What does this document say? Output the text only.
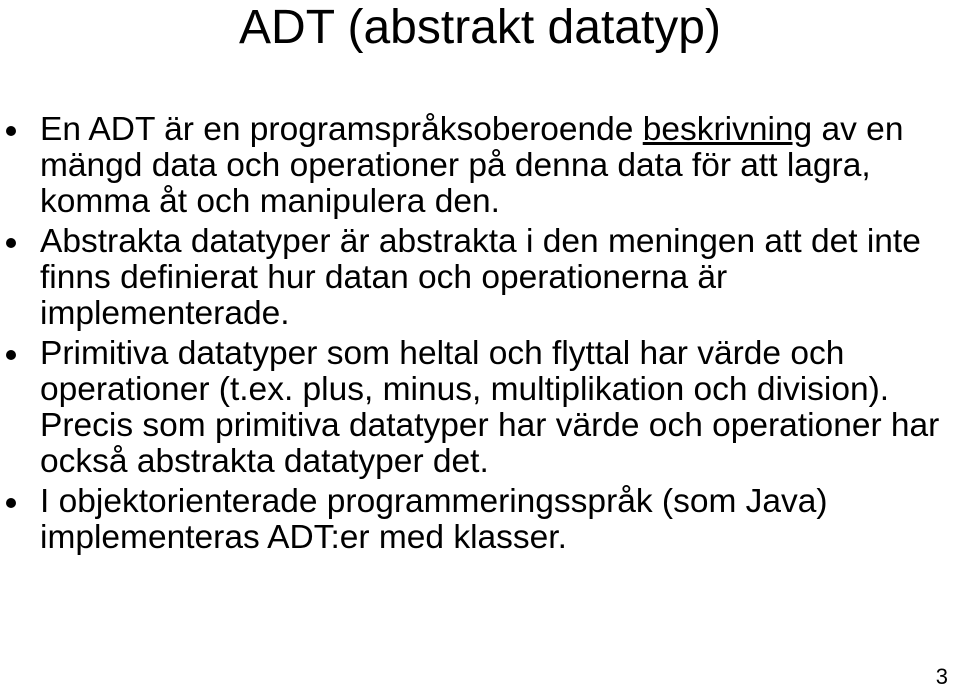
ADT (abstrakt datatyp)
En ADT är en programspråksoberoende beskrivning av en mängd data och operationer på denna data för att lagra, komma åt och manipulera den.
Abstrakta datatyper är abstrakta i den meningen att det inte finns definierat hur datan och operationerna är implementerade.
Primitiva datatyper som heltal och flyttal har värde och operationer (t.ex. plus, minus, multiplikation och division). Precis som primitiva datatyper har värde och operationer har också abstrakta datatyper det.
I objektorienterade programmeringsspråk (som Java) implementeras ADT:er med klasser.
3
